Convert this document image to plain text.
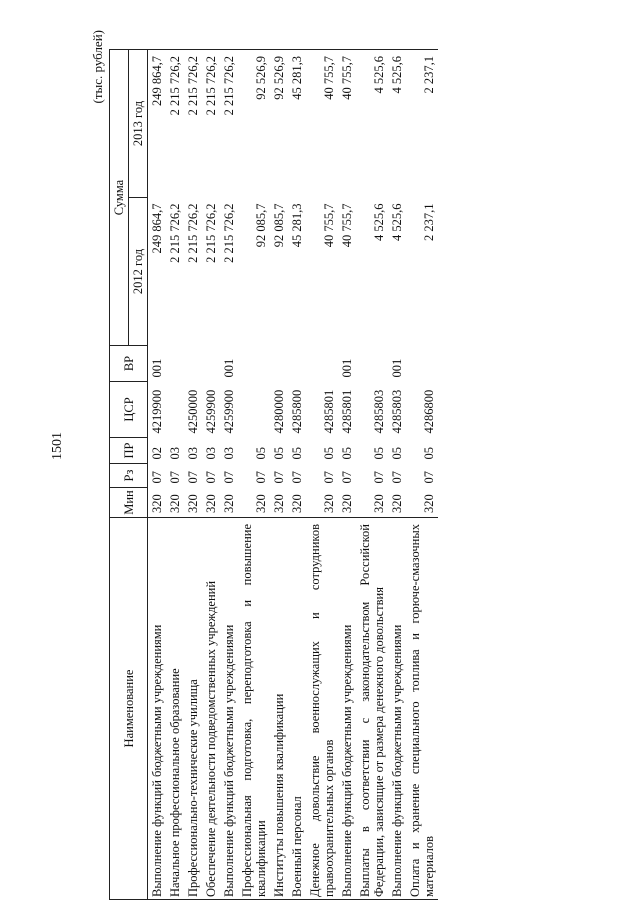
1501
(тыс. рублей)
Наименование	Мин	Рз	ПР	ЦСР	ВР	Сумма	
						2012 год	2013 год
Выполнение функций бюджетными учреждениями	320	07	02	4219900	001	249 864,7	249 864,7
Начальное профессиональное образование	320	07	03			2 215 726,2	2 215 726,2
Профессионально-технические училища	320	07	03	4250000		2 215 726,2	2 215 726,2
Обеспечение деятельности подведомственных учреждений	320	07	03	4259900		2 215 726,2	2 215 726,2
Выполнение функций бюджетными учреждениями	320	07	03	4259900	001	2 215 726,2	2 215 726,2
Профессиональная подготовка, переподготовка и повышение квалификации	320	07	05			92 085,7	92 526,9
Институты повышения квалификации	320	07	05	4280000		92 085,7	92 526,9
Военный персонал	320	07	05	4285800		45 281,3	45 281,3
Денежное довольствие военнослужащих и сотрудников правоохранительных органов	320	07	05	4285801		40 755,7	40 755,7
Выполнение функций бюджетными учреждениями	320	07	05	4285801	001	40 755,7	40 755,7
Выплаты в соответствии с законодательством Российской Федерации, зависящие от размера денежного довольствия	320	07	05	4285803		4 525,6	4 525,6
Выполнение функций бюджетными учреждениями	320	07	05	4285803	001	4 525,6	4 525,6
Оплата и хранение специального топлива и горюче-смазочных материалов	320	07	05	4286800		2 237,1	2 237,1
